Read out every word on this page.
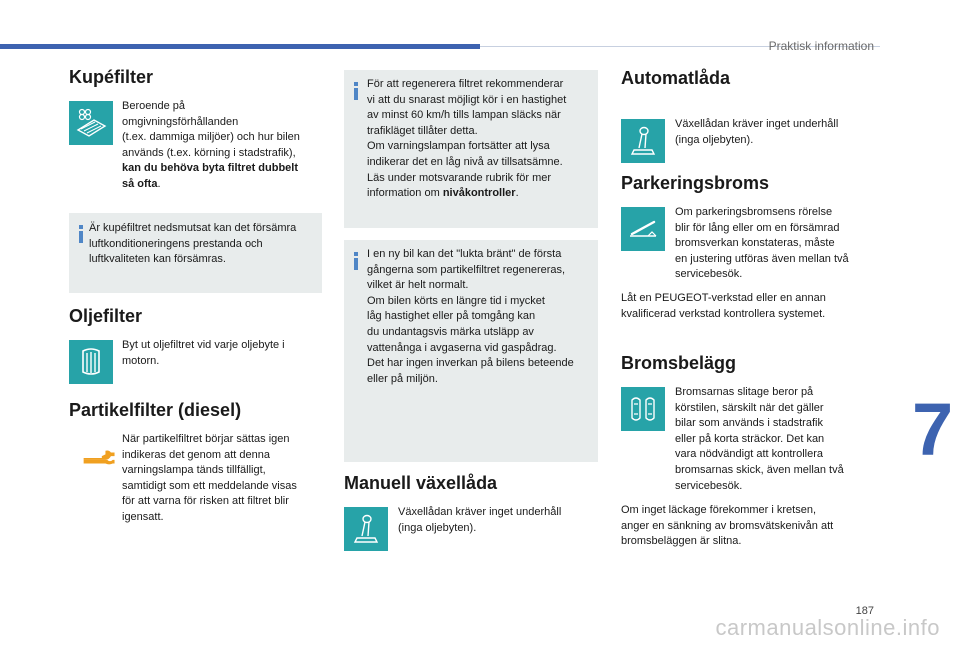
Praktisk information
Kupéfilter
Beroende på
omgivningsförhållanden
(t.ex. dammiga miljöer) och hur bilen
används (t.ex. körning i stadstrafik),
kan du behöva byta filtret dubbelt
så ofta.
Är kupéfiltret nedsmutsat kan det försämra
luftkonditioneringens prestanda och
luftkvaliteten kan försämras.
Oljefilter
Byt ut oljefiltret vid varje oljebyte i
motorn.
Partikelfilter (diesel)
När partikelfiltret börjar sättas igen
indikeras det genom att denna
varningslampa tänds tillfälligt,
samtidigt som ett meddelande visas
för att varna för risken att filtret blir
igensatt.
För att regenerera filtret rekommenderar
vi att du snarast möjligt kör i en hastighet
av minst 60 km/h tills lampan släcks när
trafikläget tillåter detta.
Om varningslampan fortsätter att lysa
indikerar det en låg nivå av tillsatsämne.
Läs under motsvarande rubrik för mer
information om nivåkontroller.
I en ny bil kan det "lukta bränt" de första
gångerna som partikelfiltret regenereras,
vilket är helt normalt.
Om bilen körts en längre tid i mycket
låg hastighet eller på tomgång kan
du undantagsvis märka utsläpp av
vattenånga i avgaserna vid gaspådrag.
Det har ingen inverkan på bilens beteende
eller på miljön.
Manuell växellåda
Växellådan kräver inget underhåll
(inga oljebyten).
Automatlåda
Växellådan kräver inget underhåll
(inga oljebyten).
Parkeringsbroms
Om parkeringsbromsens rörelse
blir för lång eller om en försämrad
bromsverkan konstateras, måste
en justering utföras även mellan två
servicebesök.
Låt en PEUGEOT-verkstad eller en annan
kvalificerad verkstad kontrollera systemet.
Bromsbelägg
Bromsarnas slitage beror på
körstilen, särskilt när det gäller
bilar som används i stadstrafik
eller på korta sträckor. Det kan
vara nödvändigt att kontrollera
bromsarnas skick, även mellan två
servicebesök.
Om inget läckage förekommer i kretsen,
anger en sänkning av bromsvätskenivån att
bromsbeläggen är slitna.
7
187
carmanualsonline.info
